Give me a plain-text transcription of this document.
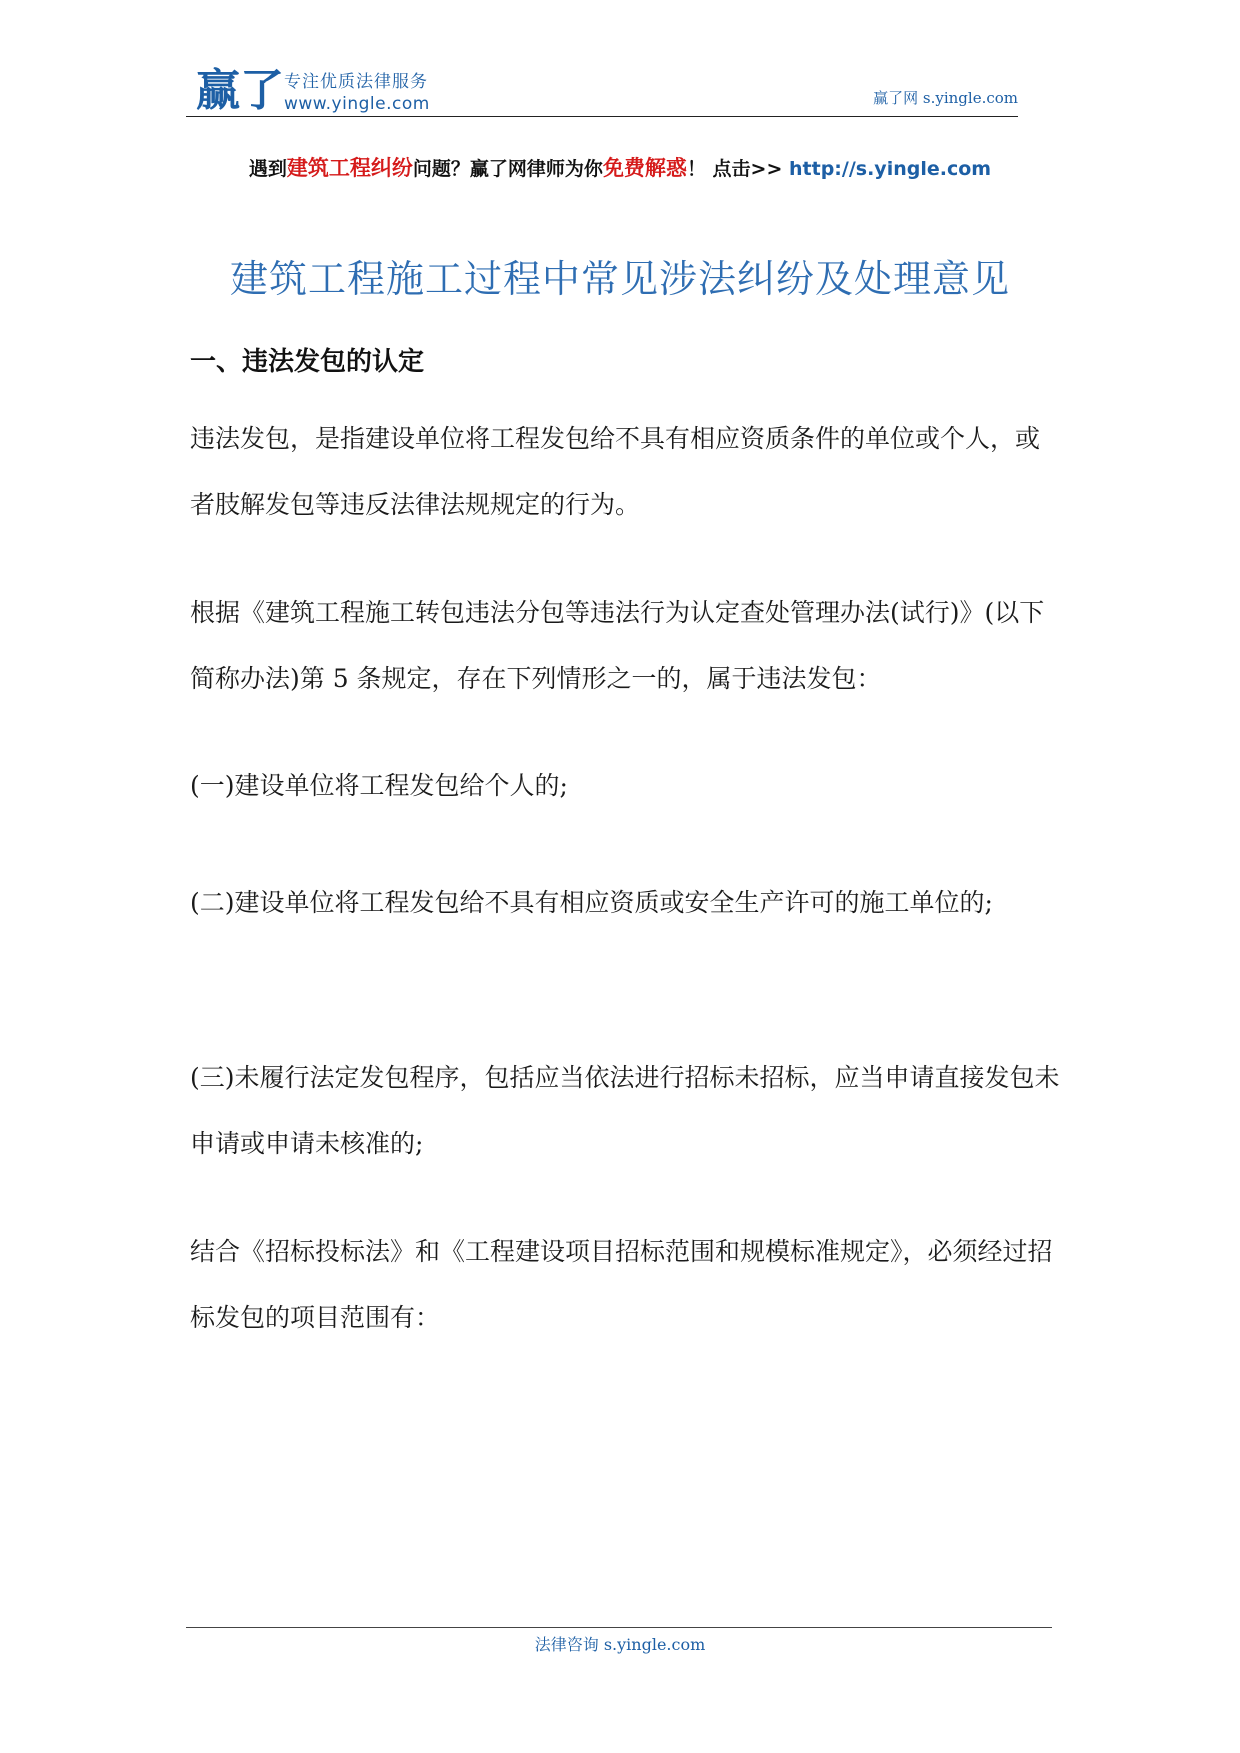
赢了 专注优质法律服务
www.yingle.com	赢了网 s.yingle.com
遇到建筑工程纠纷问题？赢了网律师为你免费解惑！ 点击>> http://s.yingle.com
建筑工程施工过程中常见涉法纠纷及处理意见
一、违法发包的认定
违法发包，是指建设单位将工程发包给不具有相应资质条件的单位或个人，或者肢解发包等违反法律法规规定的行为。
根据《建筑工程施工转包违法分包等违法行为认定查处管理办法(试行)》(以下简称办法)第 5 条规定，存在下列情形之一的，属于违法发包：
(一)建设单位将工程发包给个人的;
(二)建设单位将工程发包给不具有相应资质或安全生产许可的施工单位的;
(三)未履行法定发包程序，包括应当依法进行招标未招标，应当申请直接发包未申请或申请未核准的;
结合《招标投标法》和《工程建设项目招标范围和规模标准规定》，必须经过招标发包的项目范围有：
法律咨询 s.yingle.com
